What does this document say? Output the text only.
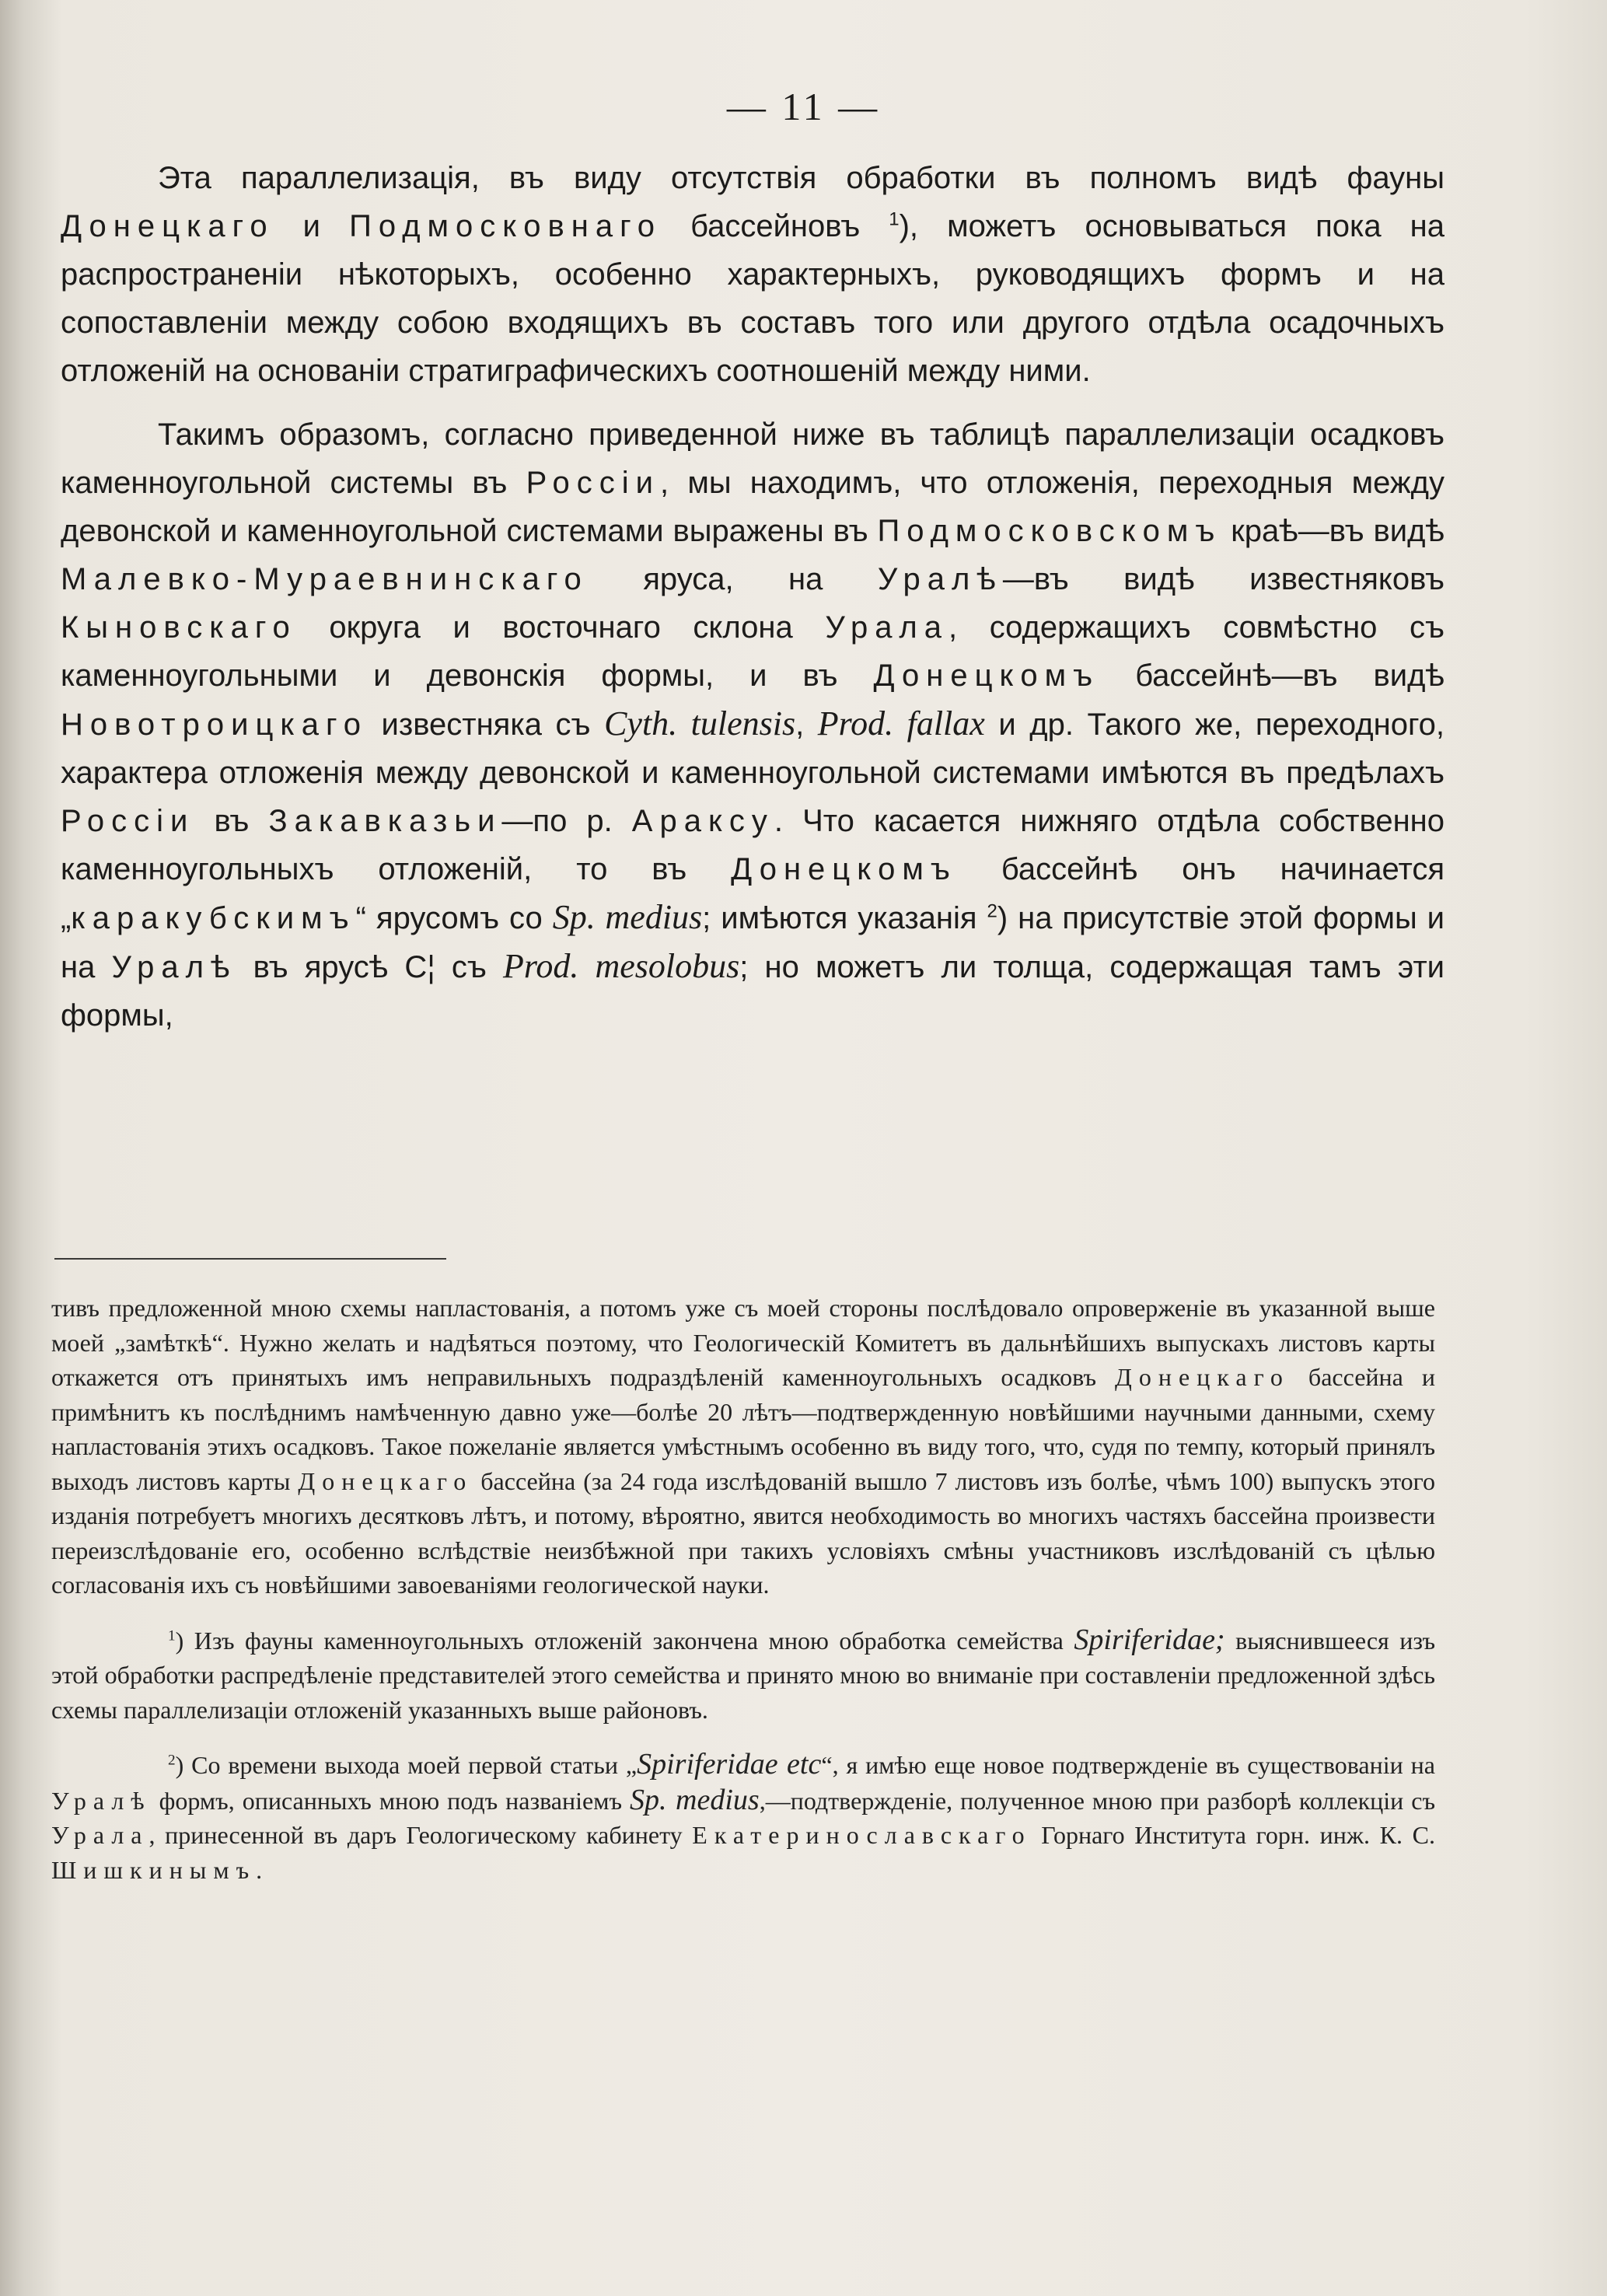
— 11 —

Эта параллелизація, въ виду отсутствія обработки въ полномъ видѣ фауны Донецкаго и Подмосковнаго бассейновъ $^1$), можетъ основываться пока на распространеніи нѣкоторыхъ, особенно характерныхъ, руководящихъ формъ и на сопоставленіи между собою входящихъ въ составъ того или другого отдѣла осадочныхъ отложеній на основаніи стратиграфическихъ соотношеній между ними.

Такимъ образомъ, согласно приведенной ниже въ таблицѣ параллелизаціи осадковъ каменноугольной системы въ Россіи, мы находимъ, что отложенія, переходныя между девонской и каменноугольной системами выражены въ Подмосковскомъ краѣ—въ видѣ Малевко-Мураевнинскаго яруса, на Уралѣ—въ видѣ известняковъ Кыновскаго округа и восточнаго склона Урала, содержащихъ совмѣстно съ каменноугольными и девонскія формы, и въ Донецкомъ бассейнѣ—въ видѣ Новотроицкаго известняка съ Cyth. tulensis, Prod. fallax и др. Такого же, переходного, характера отложенія между девонской и каменноугольной системами имѣются въ предѣлахъ Россіи въ Закавказьи—по р. Араксу. Что касается нижняго отдѣла собственно каменноугольныхъ отложеній, то въ Донецкомъ бассейнѣ онъ начинается „каракубскимъ“ ярусомъ со Sp. medius; имѣются указанія $^2$) на присутствіе этой формы и на Уралѣ въ ярусѣ C¦ съ Prod. mesolobus; но можетъ ли толща, содержащая тамъ эти формы,

тивъ предложенной мною схемы напластованія, а потомъ уже съ моей стороны послѣдовало опроверженіе въ указанной выше моей „замѣткѣ“. Нужно желать и надѣяться поэтому, что Геологическій Комитетъ въ дальнѣйшихъ выпускахъ листовъ карты откажется отъ принятыхъ имъ неправильныхъ подраздѣленій каменноугольныхъ осадковъ Донецкаго бассейна и примѣнитъ къ послѣднимъ намѣченную давно уже—болѣе 20 лѣтъ—подтвержденную новѣйшими научными данными, схему напластованія этихъ осадковъ. Такое пожеланіе является умѣстнымъ особенно въ виду того, что, судя по темпу, который принялъ выходъ листовъ карты Донецкаго бассейна (за 24 года изслѣдованій вышло 7 листовъ изъ болѣе, чѣмъ 100) выпускъ этого изданія потребуетъ многихъ десятковъ лѣтъ, и потому, вѣроятно, явится необходимость во многихъ частяхъ бассейна произвести переизслѣдованіе его, особенно вслѣдствіе неизбѣжной при такихъ условіяхъ смѣны участниковъ изслѣдованій съ цѣлью согласованія ихъ съ новѣйшими завоеваніями геологической науки.

$^1$) Изъ фауны каменноугольныхъ отложеній закончена мною обработка семейства Spiriferidae; выяснившееся изъ этой обработки распредѣленіе представителей этого семейства и принято мною во вниманіе при составленіи предложенной здѣсь схемы параллелизаціи отложеній указанныхъ выше районовъ.

$^2$) Со времени выхода моей первой статьи „Spiriferidae etc“, я имѣю еще новое подтвержденіе въ существованіи на Уралѣ формъ, описанныхъ мною подъ названіемъ Sp. medius,—подтвержденіе, полученное мною при разборѣ коллекціи съ Урала, принесенной въ даръ Геологическому кабинету Екатеринославскаго Горнаго Института горн. инж. К. С. Шишкинымъ.
